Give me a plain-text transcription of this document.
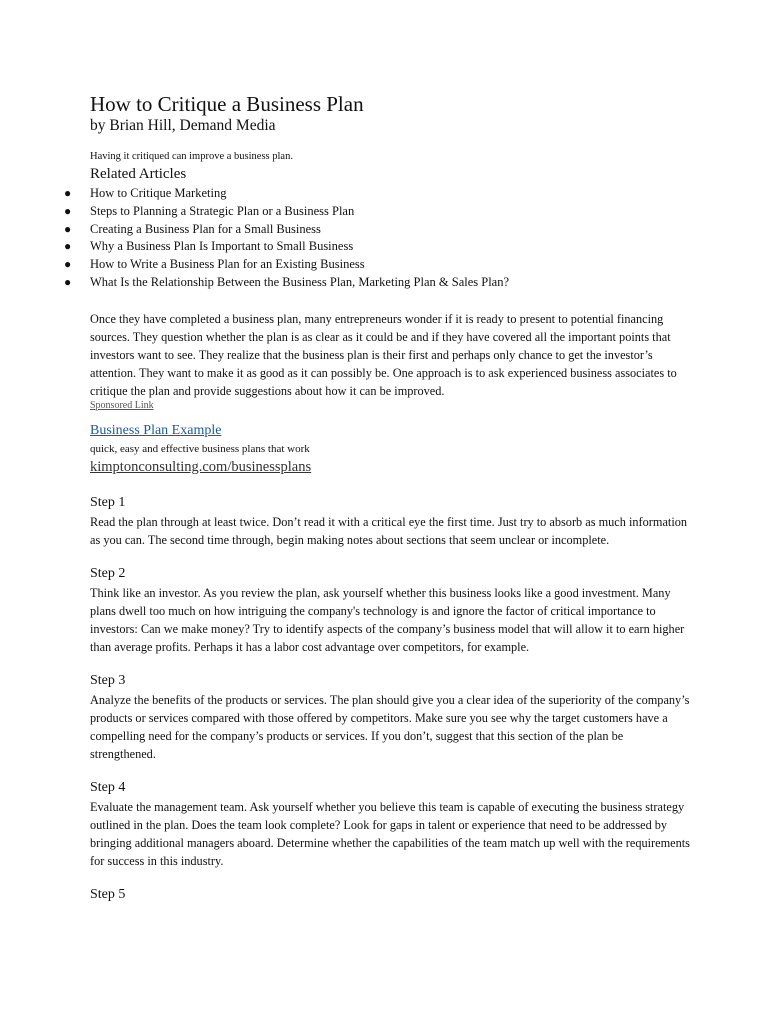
How to Critique a Business Plan

by Brian Hill, Demand Media

Having it critiqued can improve a business plan.

Related Articles
● How to Critique Marketing
● Steps to Planning a Strategic Plan or a Business Plan
● Creating a Business Plan for a Small Business
● Why a Business Plan Is Important to Small Business
● How to Write a Business Plan for an Existing Business
● What Is the Relationship Between the Business Plan, Marketing Plan & Sales Plan?

Once they have completed a business plan, many entrepreneurs wonder if it is ready to present to potential financing sources. They question whether the plan is as clear as it could be and if they have covered all the important points that investors want to see. They realize that the business plan is their first and perhaps only chance to get the investor’s attention. They want to make it as good as it can possibly be. One approach is to ask experienced business associates to critique the plan and provide suggestions about how it can be improved.

Sponsored Link

Business Plan Example

quick, easy and effective business plans that work

kimptonconsulting.com/businessplans

Step 1

Read the plan through at least twice. Don’t read it with a critical eye the first time. Just try to absorb as much information as you can. The second time through, begin making notes about sections that seem unclear or incomplete.

Step 2

Think like an investor. As you review the plan, ask yourself whether this business looks like a good investment. Many plans dwell too much on how intriguing the company's technology is and ignore the factor of critical importance to investors: Can we make money? Try to identify aspects of the company’s business model that will allow it to earn higher than average profits. Perhaps it has a labor cost advantage over competitors, for example.

Step 3

Analyze the benefits of the products or services. The plan should give you a clear idea of the superiority of the company’s products or services compared with those offered by competitors. Make sure you see why the target customers have a compelling need for the company’s products or services. If you don’t, suggest that this section of the plan be strengthened.

Step 4

Evaluate the management team. Ask yourself whether you believe this team is capable of executing the business strategy outlined in the plan. Does the team look complete? Look for gaps in talent or experience that need to be addressed by bringing additional managers aboard. Determine whether the capabilities of the team match up well with the requirements for success in this industry.

Step 5
